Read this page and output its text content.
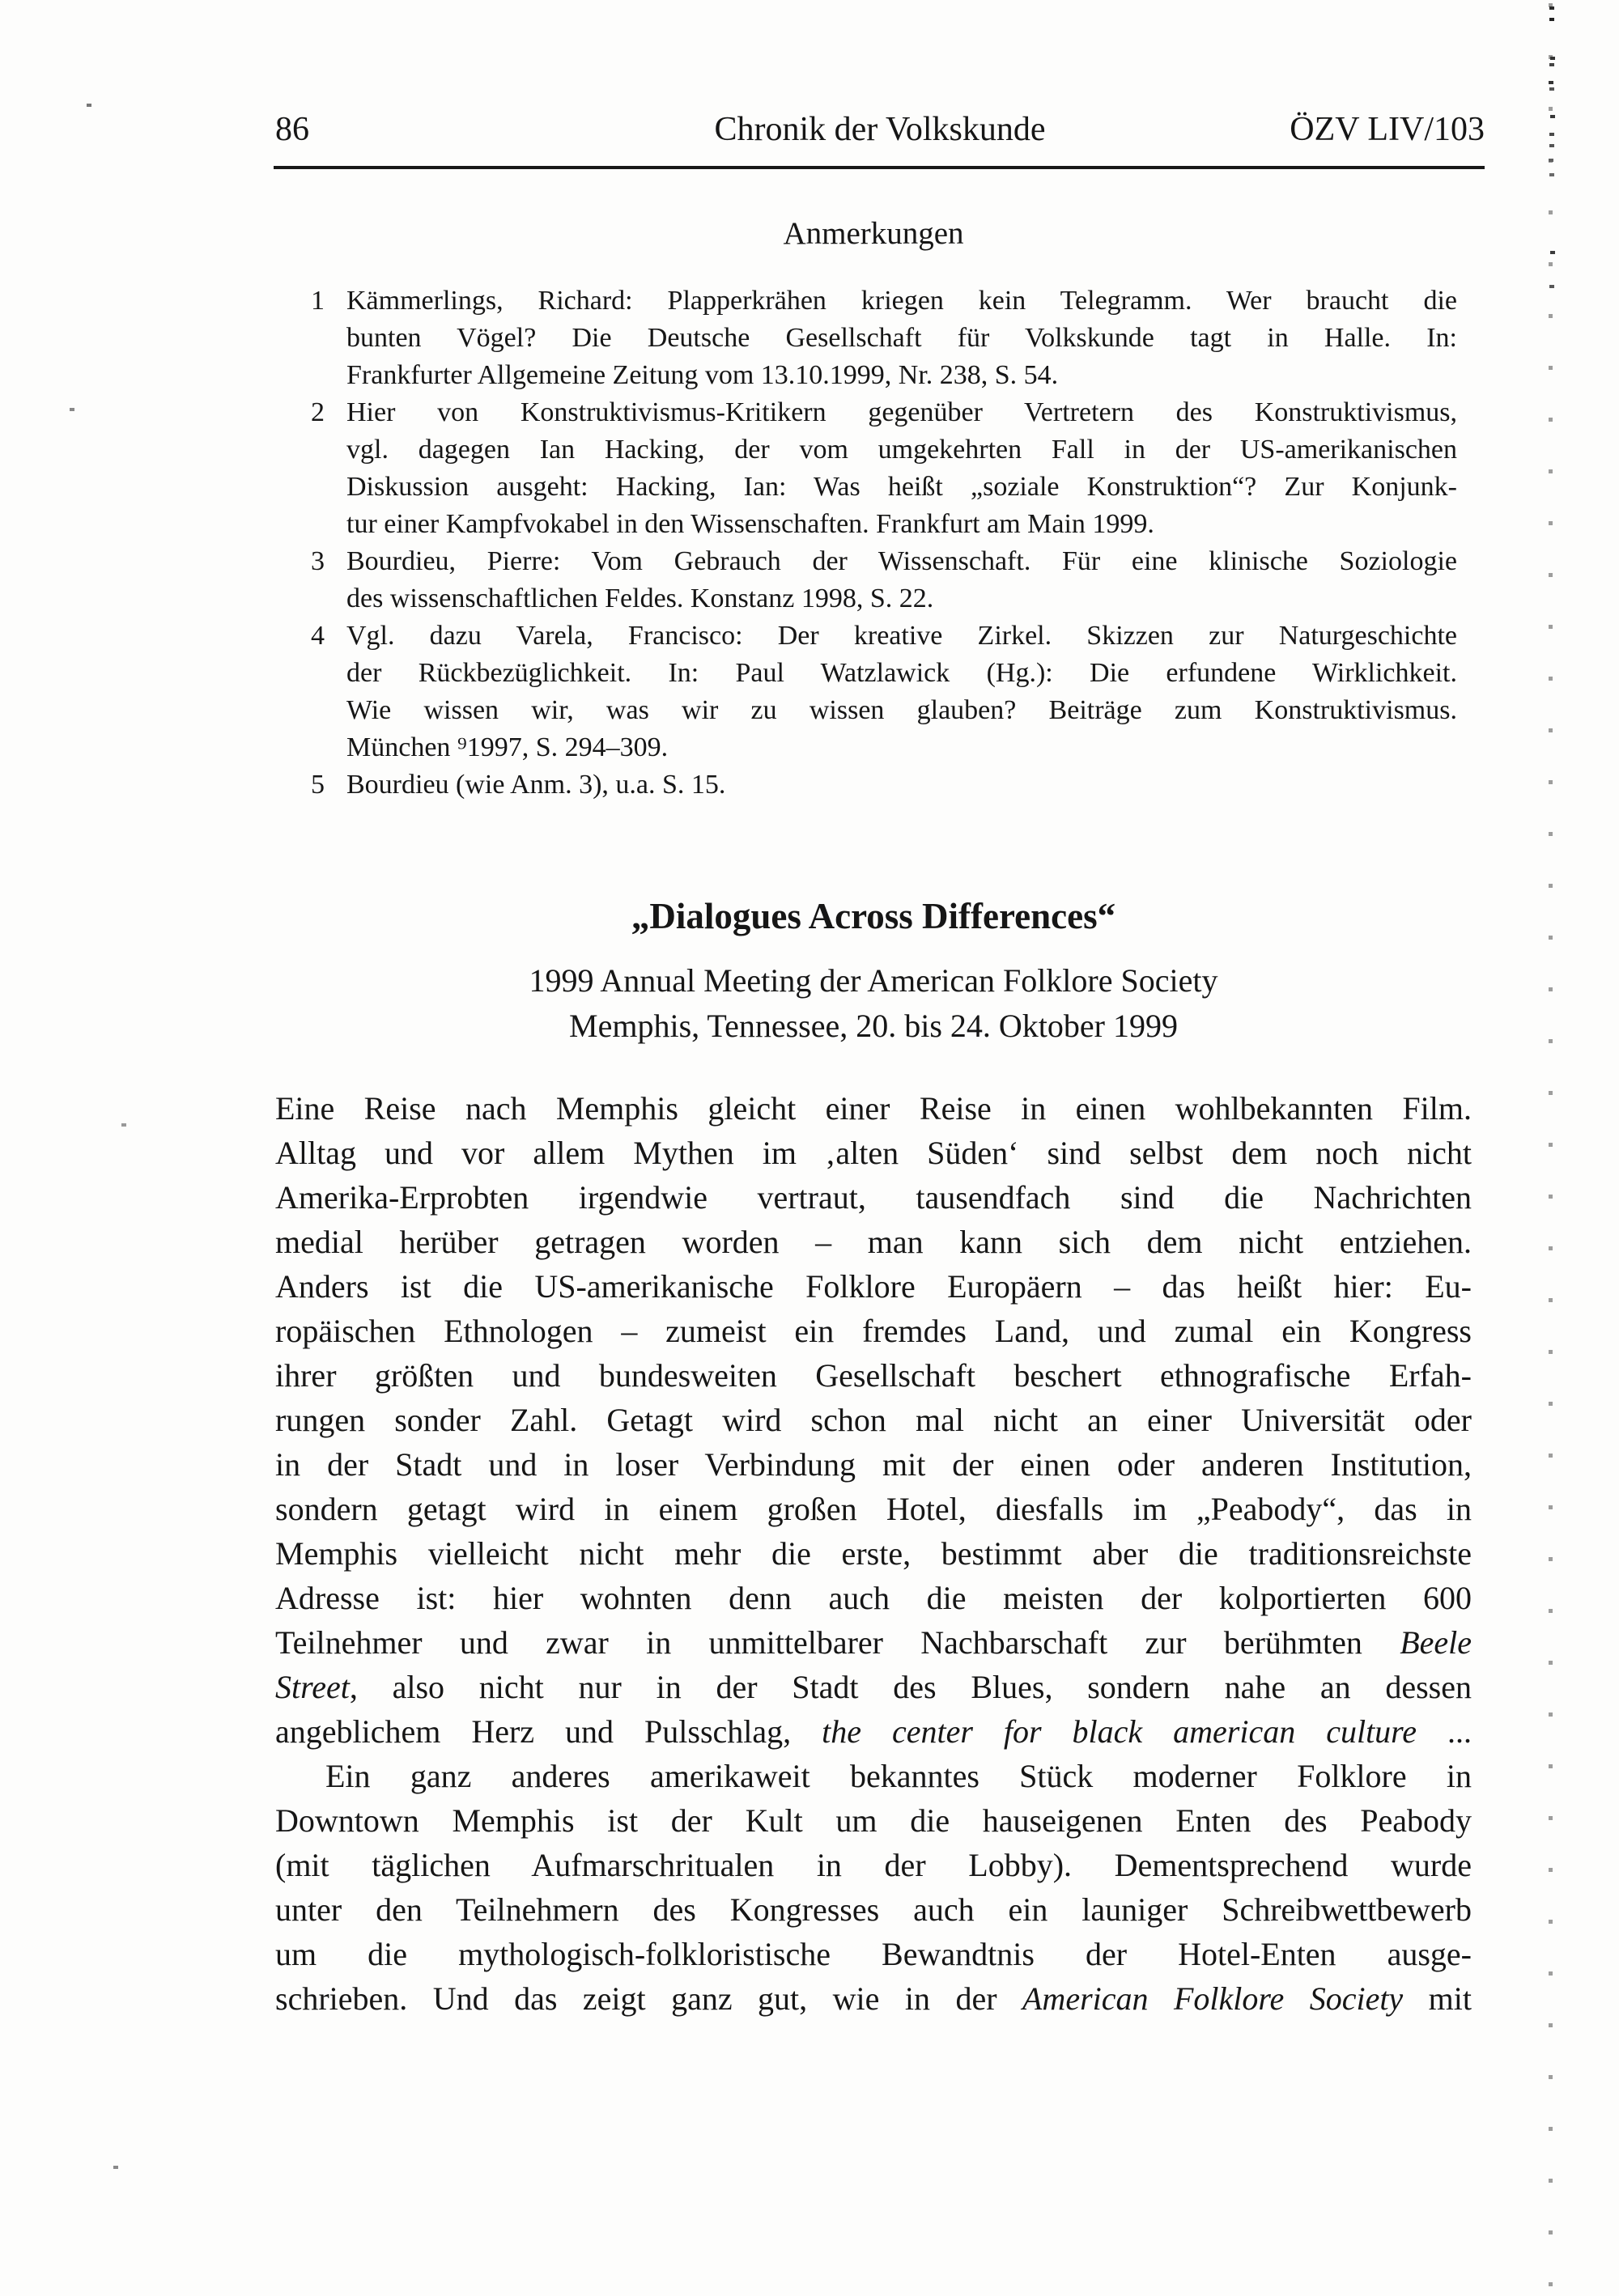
86	Chronik der Volkskunde	ÖZV LIV/103
Anmerkungen
1 Kämmerlings, Richard: Plapperkrähen kriegen kein Telegramm. Wer braucht die
bunten Vögel? Die Deutsche Gesellschaft für Volkskunde tagt in Halle. In:
Frankfurter Allgemeine Zeitung vom 13.10.1999, Nr. 238, S. 54.
2 Hier von Konstruktivismus-Kritikern gegenüber Vertretern des Konstruktivismus,
vgl. dagegen Ian Hacking, der vom umgekehrten Fall in der US-amerikanischen
Diskussion ausgeht: Hacking, Ian: Was heißt „soziale Konstruktion“? Zur Konjunk-
tur einer Kampfvokabel in den Wissenschaften. Frankfurt am Main 1999.
3 Bourdieu, Pierre: Vom Gebrauch der Wissenschaft. Für eine klinische Soziologie
des wissenschaftlichen Feldes. Konstanz 1998, S. 22.
4 Vgl. dazu Varela, Francisco: Der kreative Zirkel. Skizzen zur Naturgeschichte
der Rückbezüglichkeit. In: Paul Watzlawick (Hg.): Die erfundene Wirklichkeit.
Wie wissen wir, was wir zu wissen glauben? Beiträge zum Konstruktivismus.
München ⁹1997, S. 294–309.
5 Bourdieu (wie Anm. 3), u.a. S. 15.
„Dialogues Across Differences“
1999 Annual Meeting der American Folklore Society
Memphis, Tennessee, 20. bis 24. Oktober 1999
Eine Reise nach Memphis gleicht einer Reise in einen wohlbekannten Film.
Alltag und vor allem Mythen im ‚alten Süden‘ sind selbst dem noch nicht
Amerika-Erprobten irgendwie vertraut, tausendfach sind die Nachrichten
medial herüber getragen worden – man kann sich dem nicht entziehen.
Anders ist die US-amerikanische Folklore Europäern – das heißt hier: Eu-
ropäischen Ethnologen – zumeist ein fremdes Land, und zumal ein Kongress
ihrer größten und bundesweiten Gesellschaft beschert ethnografische Erfah-
rungen sonder Zahl. Getagt wird schon mal nicht an einer Universität oder
in der Stadt und in loser Verbindung mit der einen oder anderen Institution,
sondern getagt wird in einem großen Hotel, diesfalls im „Peabody“, das in
Memphis vielleicht nicht mehr die erste, bestimmt aber die traditionsreichste
Adresse ist: hier wohnten denn auch die meisten der kolportierten 600
Teilnehmer und zwar in unmittelbarer Nachbarschaft zur berühmten Beele
Street, also nicht nur in der Stadt des Blues, sondern nahe an dessen
angeblichem Herz und Pulsschlag, the center for black american culture ...
Ein ganz anderes amerikaweit bekanntes Stück moderner Folklore in
Downtown Memphis ist der Kult um die hauseigenen Enten des Peabody
(mit täglichen Aufmarschritualen in der Lobby). Dementsprechend wurde
unter den Teilnehmern des Kongresses auch ein launiger Schreibwettbewerb
um die mythologisch-folkloristische Bewandtnis der Hotel-Enten ausge-
schrieben. Und das zeigt ganz gut, wie in der American Folklore Society mit
